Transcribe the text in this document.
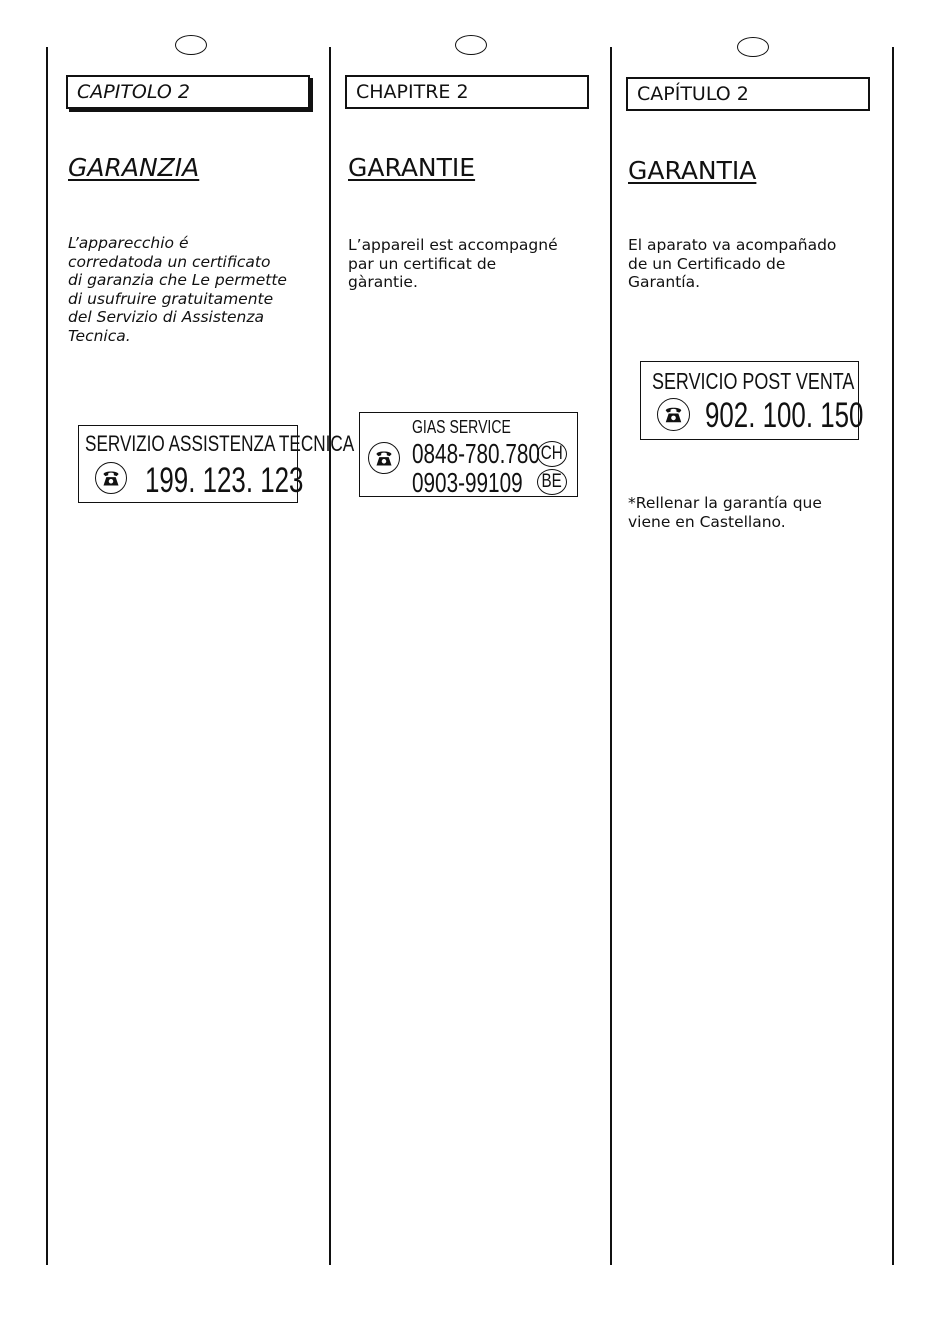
CAPITOLO 2
GARANZIA

L’apparecchio é
corredatoda un certificato
di garanzia che Le permette
di usufruire gratuitamente
del Servizio di Assistenza
Tecnica.

SERVIZIO ASSISTENZA TECNICA
199. 123. 123
CHAPITRE 2
GARANTIE

L’appareil est accompagné
par un certificat de
gàrantie.

GIAS SERVICE
0848-780.780 CH
0903-99109 BE
CAPÍTULO 2
GARANTIA

El aparato va acompañado
de un Certificado de
Garantía.

SERVICIO POST VENTA
902. 100. 150

*Rellenar la garantía que
viene en Castellano.
